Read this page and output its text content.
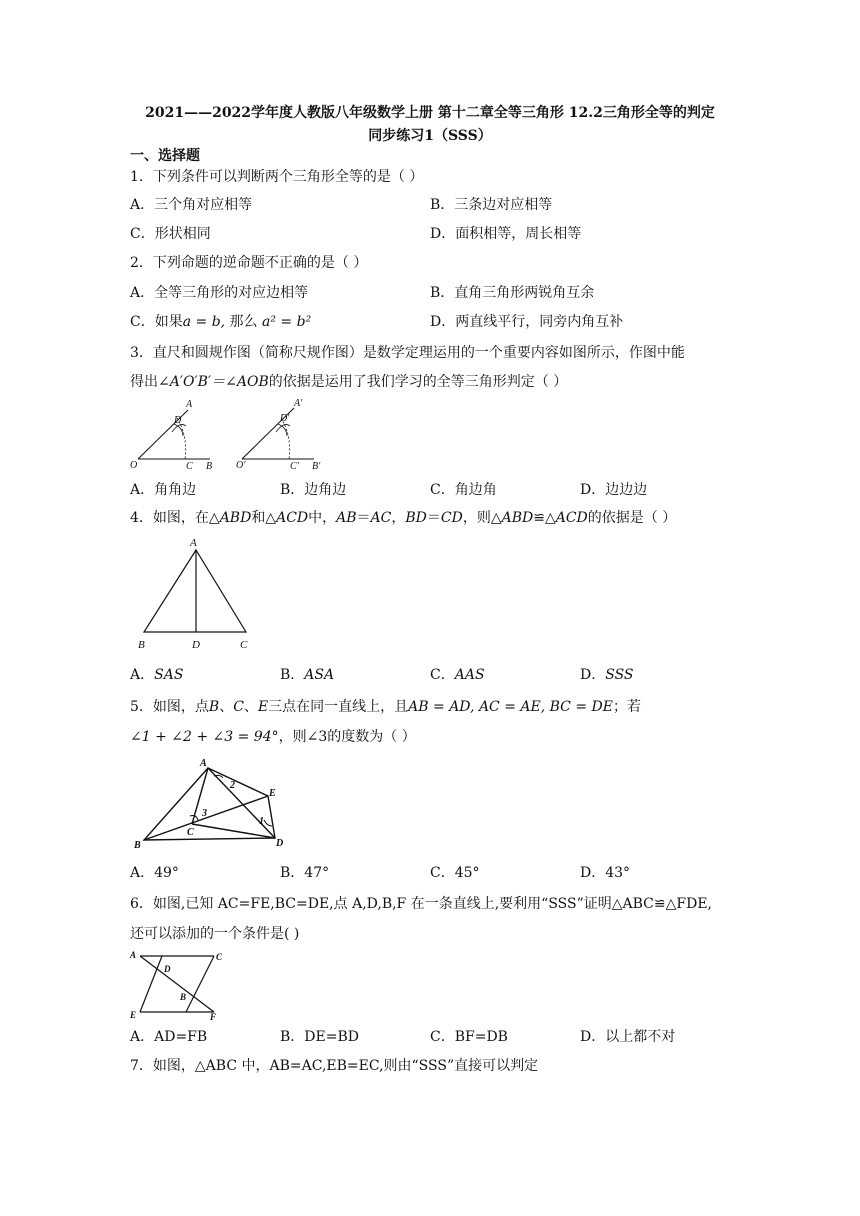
2021——2022学年度人教版八年级数学上册 第十二章全等三角形 12.2三角形全等的判定
同步练习1（SSS）
一、选择题
1．下列条件可以判断两个三角形全等的是（ ）
A．三个角对应相等	B．三条边对应相等
C．形状相同	D．面积相等，周长相等
2．下列命题的逆命题不正确的是（ ）
A．全等三角形的对应边相等	B．直角三角形两锐角互余
C．如果a = b, 那么 a² = b²	D．两直线平行，同旁内角互补
3．直尺和圆规作图（简称尺规作图）是数学定理运用的一个重要内容如图所示，作图中能
得出∠A′O′B′＝∠AOB的依据是运用了我们学习的全等三角形判定（ ）
A
D
O	C B
A′
D′
O′	C′ B′
A．角角边	B．边角边	C．角边角	D．边边边
4．如图，在△ABD和△ACD中，AB＝AC，BD＝CD，则△ABD≌△ACD的依据是（ ）
A
B	D	C
A．SAS	B．ASA	C．AAS	D．SSS
5．如图，点B、C、E三点在同一直线上，且AB = AD, AC = AE, BC = DE；若
∠1 + ∠2 + ∠3 = 94°，则∠3的度数为（ ）
A
E
B
C
D
2
3
1
A．49°	B．47°	C．45°	D．43°
6．如图,已知 AC=FE,BC=DE,点 A,D,B,F 在一条直线上,要利用“SSS”证明△ABC≌△FDE,
还可以添加的一个条件是( )
A	C
D
B
E	F
A．AD=FB	B．DE=BD	C．BF=DB	D．以上都不对
7．如图，△ABC 中，AB=AC,EB=EC,则由“SSS”直接可以判定
